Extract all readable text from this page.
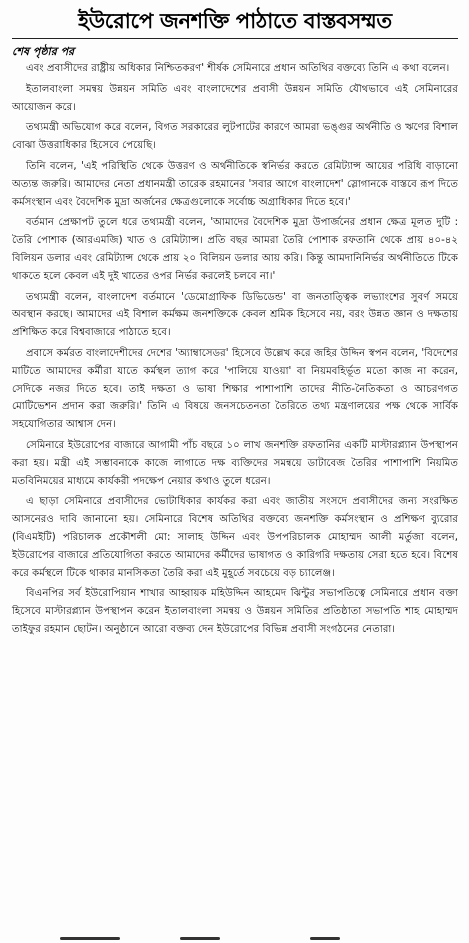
ইউরোপে জনশক্তি পাঠাতে বাস্তবসম্মত

শেষ পৃষ্ঠার পর

এবং প্রবাসীদের রাষ্ট্রীয় অধিকার নিশ্চিতকরণ' শীর্ষক সেমিনারে প্রধান অতিথির বক্তব্যে তিনি এ কথা বলেন।

ইতালবাংলা সমন্বয় উন্নয়ন সমিতি এবং বাংলাদেশের প্রবাসী উন্নয়ন সমিতি যৌথভাবে এই সেমিনারের আয়োজন করে।

তথ্যমন্ত্রী অভিযোগ করে বলেন, বিগত সরকারের লুটপাটের কারণে আমরা ভঙ্গুর অর্থনীতি ও ঋণের বিশাল বোঝা উত্তরাধিকার হিসেবে পেয়েছি।

তিনি বলেন, 'এই পরিস্থিতি থেকে উত্তরণ ও অর্থনীতিকে স্বনির্ভর করতে রেমিট্যান্স আয়ের পরিধি বাড়ানো অত্যন্ত জরুরি। আমাদের নেতা প্রধানমন্ত্রী তারেক রহমানের 'সবার আগে বাংলাদেশ' স্লোগানকে বাস্তবে রূপ দিতে কর্মসংস্থান এবং বৈদেশিক মুদ্রা অর্জনের ক্ষেত্রগুলোকে সর্বোচ্চ অগ্রাধিকার দিতে হবে।'

বর্তমান প্রেক্ষাপট তুলে ধরে তথ্যমন্ত্রী বলেন, 'আমাদের বৈদেশিক মুদ্রা উপার্জনের প্রধান ক্ষেত্র মূলত দুটি : তৈরি পোশাক (আরএমজি) খাত ও রেমিট্যান্স। প্রতি বছর আমরা তৈরি পোশাক রফতানি থেকে প্রায় ৪০-৪২ বিলিয়ন ডলার এবং রেমিট্যান্স থেকে প্রায় ২০ বিলিয়ন ডলার আয় করি। কিন্তু আমদানিনির্ভর অর্থনীতিতে টিকে থাকতে হলে কেবল এই দুই খাতের ওপর নির্ভর করলেই চলবে না।'

তথ্যমন্ত্রী বলেন, বাংলাদেশ বর্তমানে 'ডেমোগ্রাফিক ডিভিডেন্ড' বা জনতাত্ত্বিক লভ্যাংশের সুবর্ণ সময়ে অবস্থান করছে। আমাদের এই বিশাল কর্মক্ষম জনশক্তিকে কেবল শ্রমিক হিসেবে নয়, বরং উন্নত জ্ঞান ও দক্ষতায় প্রশিক্ষিত করে বিশ্ববাজারে পাঠাতে হবে।

প্রবাসে কর্মরত বাংলাদেশীদের দেশের 'অ্যাম্বাসেডর' হিসেবে উল্লেখ করে জহির উদ্দিন স্বপন বলেন, 'বিদেশের মাটিতে আমাদের কর্মীরা যাতে কর্মস্থল ত্যাগ করে 'পালিয়ে যাওয়া' বা নিয়মবহির্ভূত মতো কাজ না করেন, সেদিকে নজর দিতে হবে। তাই দক্ষতা ও ভাষা শিক্ষার পাশাপাশি তাদের নীতি-নৈতিকতা ও আচরণগত মোটিভেশন প্রদান করা জরুরি।' তিনি এ বিষয়ে জনসচেতনতা তৈরিতে তথ্য মন্ত্রণালয়ের পক্ষ থেকে সার্বিক সহযোগিতার আশ্বাস দেন।

সেমিনারে ইউরোপের বাজারে আগামী পাঁচ বছরে ১০ লাখ জনশক্তি রফতানির একটি মাস্টারপ্ল্যান উপস্থাপন করা হয়। মন্ত্রী এই সম্ভাবনাকে কাজে লাগাতে দক্ষ ব্যক্তিদের সমন্বয়ে ডাটাবেজ তৈরির পাশাপাশি নিয়মিত মতবিনিময়ের মাধ্যমে কার্যকরী পদক্ষেপ নেয়ার কথাও তুলে ধরেন।

এ ছাড়া সেমিনারে প্রবাসীদের ভোটাধিকার কার্যকর করা এবং জাতীয় সংসদে প্রবাসীদের জন্য সংরক্ষিত আসনেরও দাবি জানানো হয়। সেমিনারে বিশেষ অতিথির বক্তব্যে জনশক্তি কর্মসংস্থান ও প্রশিক্ষণ ব্যুরোর (বিএমইটি) পরিচালক প্রকৌশলী মো: সালাহ উদ্দিন এবং উপপরিচালক মোহাম্মদ আলী মর্তুজা বলেন, ইউরোপের বাজারে প্রতিযোগিতা করতে আমাদের কর্মীদের ভাষাগত ও কারিগরি দক্ষতায় সেরা হতে হবে। বিশেষ করে কর্মস্থলে টিকে থাকার মানসিকতা তৈরি করা এই মুহূর্তে সবচেয়ে বড় চ্যালেঞ্জ।

বিএনপির সর্ব ইউরোপিয়ান শাখার আহ্বায়ক মহিউদ্দিন আহমেদ ঝিন্টুর সভাপতিত্বে সেমিনারে প্রধান বক্তা হিসেবে মাস্টারপ্ল্যান উপস্থাপন করেন ইতালবাংলা সমন্বয় ও উন্নয়ন সমিতির প্রতিষ্ঠাতা সভাপতি শাহ মোহাম্মদ তাইফুর রহমান ছোটন। অনুষ্ঠানে আরো বক্তব্য দেন ইউরোপের বিভিন্ন প্রবাসী সংগঠনের নেতারা।
